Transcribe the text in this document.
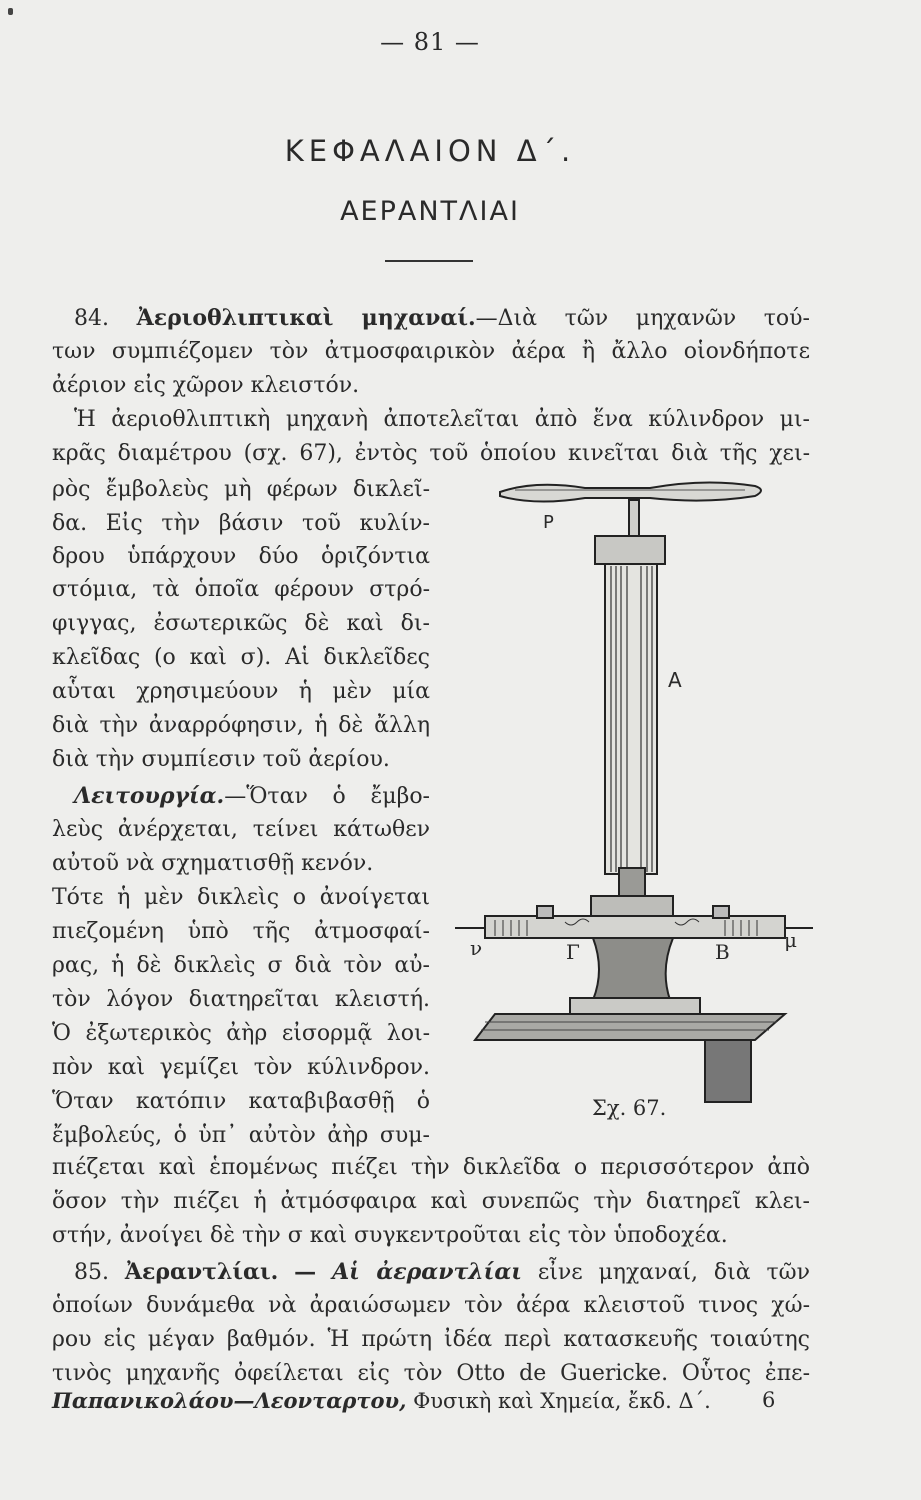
— 81 —
ΚΕΦΑΛΑΙΟΝ Δ΄.
ΑΕΡΑΝΤΛΙΑΙ
84. Ἀεριοθλιπτικαὶ μηχαναί.—Διὰ τῶν μηχανῶν τού-
των συμπιέζομεν τὸν ἀτμοσφαιρικὸν ἀέρα ἢ ἄλλο οἱονδήποτε
ἀέριον εἰς χῶρον κλειστόν.
Ἡ ἀεριοθλιπτικὴ μηχανὴ ἀποτελεῖται ἀπὸ ἕνα κύλινδρον μι-
κρᾶς διαμέτρου (σχ. 67), ἐντὸς τοῦ ὁποίου κινεῖται διὰ τῆς χει-
ρὸς ἔμβολεὺς μὴ φέρων δικλεῖ-
δα. Εἰς τὴν βάσιν τοῦ κυλίν-
δρου ὑπάρχουν δύο ὁριζόντια
στόμια, τὰ ὁποῖα φέρουν στρό-
φιγγας, ἐσωτερικῶς δὲ καὶ δι-
κλεῖδας (ο καὶ σ). Αἱ δικλεῖδες
αὗται χρησιμεύουν ἡ μὲν μία
διὰ τὴν ἀναρρόφησιν, ἡ δὲ ἄλλη
διὰ τὴν συμπίεσιν τοῦ ἀερίου.
Λειτουργία.—Ὅταν ὁ ἔμβο-
λεὺς ἀνέρχεται, τείνει κάτωθεν
αὐτοῦ νὰ σχηματισθῇ κενόν.
Τότε ἡ μὲν δικλεὶς ο ἀνοίγεται
πιεζομένη ὑπὸ τῆς ἀτμοσφαί-
ρας, ἡ δὲ δικλεὶς σ διὰ τὸν αὐ-
τὸν λόγον διατηρεῖται κλειστή.
Ὁ ἐξωτερικὸς ἀὴρ εἰσορμᾷ λοι-
πὸν καὶ γεμίζει τὸν κύλινδρον.
Ὅταν κατόπιν καταβιβασθῇ ὁ
ἔμβολεύς, ὁ ὑπ᾽ αὐτὸν ἀὴρ συμ-
πιέζεται καὶ ἑπομένως πιέζει τὴν δικλεῖδα ο περισσότερον ἀπὸ
ὅσον τὴν πιέζει ἡ ἀτμόσφαιρα καὶ συνεπῶς τὴν διατηρεῖ κλει-
στήν, ἀνοίγει δὲ τὴν σ καὶ συγκεντροῦται εἰς τὸν ὑποδοχέα.
85. Ἀεραντλίαι. — Αἱ ἀεραντλίαι εἶνε μηχαναί, διὰ τῶν
ὁποίων δυνάμεθα νὰ ἀραιώσωμεν τὸν ἀέρα κλειστοῦ τινος χώ-
ρου εἰς μέγαν βαθμόν. Ἡ πρώτη ἰδέα περὶ κατασκευῆς τοιαύτης
τινὸς μηχανῆς ὀφείλεται εἰς τὸν Otto de Guericke. Οὗτος ἐπε-
P
A
ν	Γ	Β	μ
Σχ. 67.
Παπανικολάου—Λεονταρτου, Φυσικὴ καὶ Χημεία, ἔκδ. Δ΄. 6
